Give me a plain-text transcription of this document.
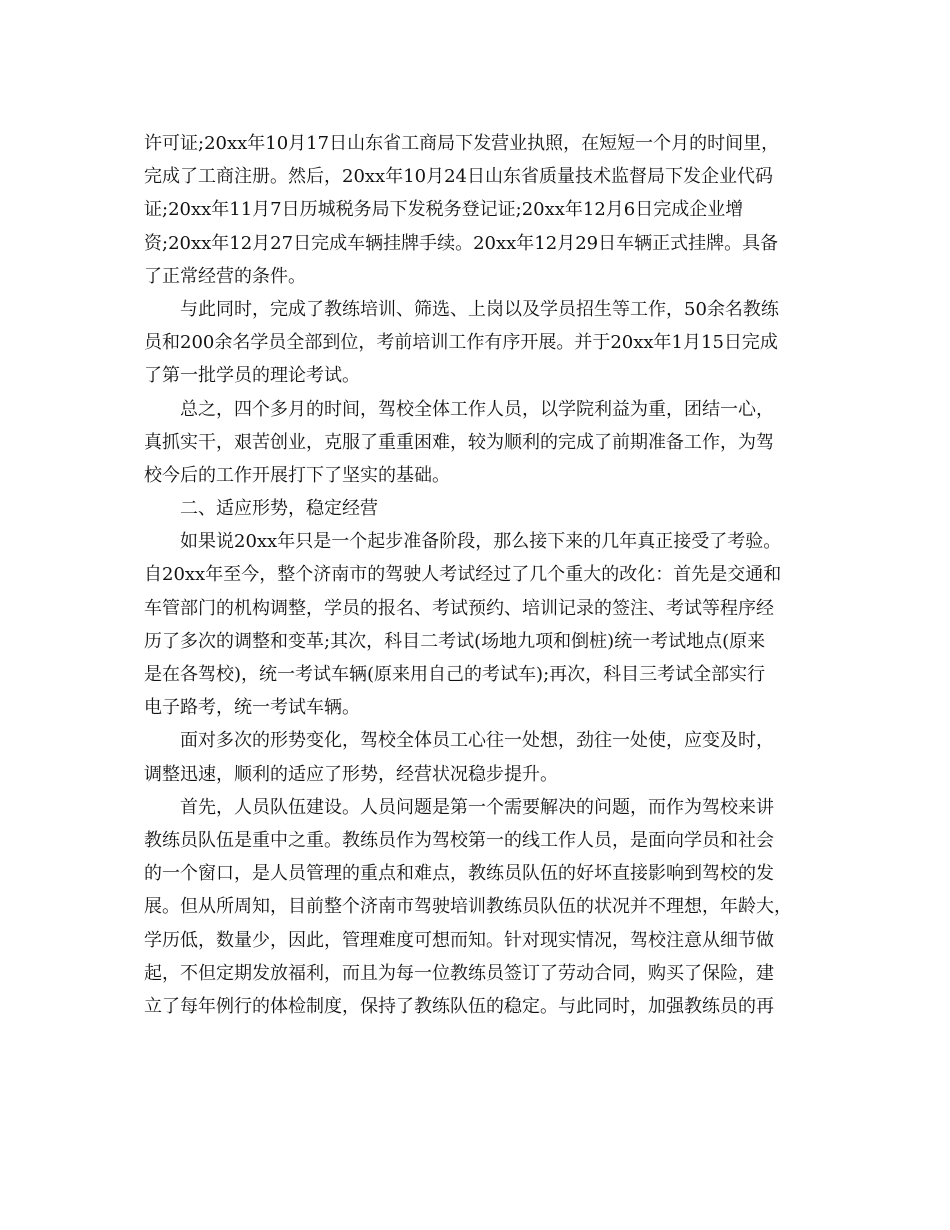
许可证;20xx年10月17日山东省工商局下发营业执照，在短短一个月的时间里，
完成了工商注册。然后，20xx年10月24日山东省质量技术监督局下发企业代码
证;20xx年11月7日历城税务局下发税务登记证;20xx年12月6日完成企业增
资;20xx年12月27日完成车辆挂牌手续。20xx年12月29日车辆正式挂牌。具备
了正常经营的条件。
与此同时，完成了教练培训、筛选、上岗以及学员招生等工作，50余名教练
员和200余名学员全部到位，考前培训工作有序开展。并于20xx年1月15日完成
了第一批学员的理论考试。
总之，四个多月的时间，驾校全体工作人员，以学院利益为重，团结一心，
真抓实干，艰苦创业，克服了重重困难，较为顺利的完成了前期准备工作，为驾
校今后的工作开展打下了坚实的基础。
二、适应形势，稳定经营
如果说20xx年只是一个起步准备阶段，那么接下来的几年真正接受了考验。
自20xx年至今，整个济南市的驾驶人考试经过了几个重大的改化：首先是交通和
车管部门的机构调整，学员的报名、考试预约、培训记录的签注、考试等程序经
历了多次的调整和变革;其次，科目二考试(场地九项和倒桩)统一考试地点(原来
是在各驾校)，统一考试车辆(原来用自己的考试车);再次，科目三考试全部实行
电子路考，统一考试车辆。
面对多次的形势变化，驾校全体员工心往一处想，劲往一处使，应变及时，
调整迅速，顺利的适应了形势，经营状况稳步提升。
首先，人员队伍建设。人员问题是第一个需要解决的问题，而作为驾校来讲
教练员队伍是重中之重。教练员作为驾校第一的线工作人员，是面向学员和社会
的一个窗口，是人员管理的重点和难点，教练员队伍的好坏直接影响到驾校的发
展。但从所周知，目前整个济南市驾驶培训教练员队伍的状况并不理想，年龄大，
学历低，数量少，因此，管理难度可想而知。针对现实情况，驾校注意从细节做
起，不但定期发放福利，而且为每一位教练员签订了劳动合同，购买了保险，建
立了每年例行的体检制度，保持了教练队伍的稳定。与此同时，加强教练员的再
